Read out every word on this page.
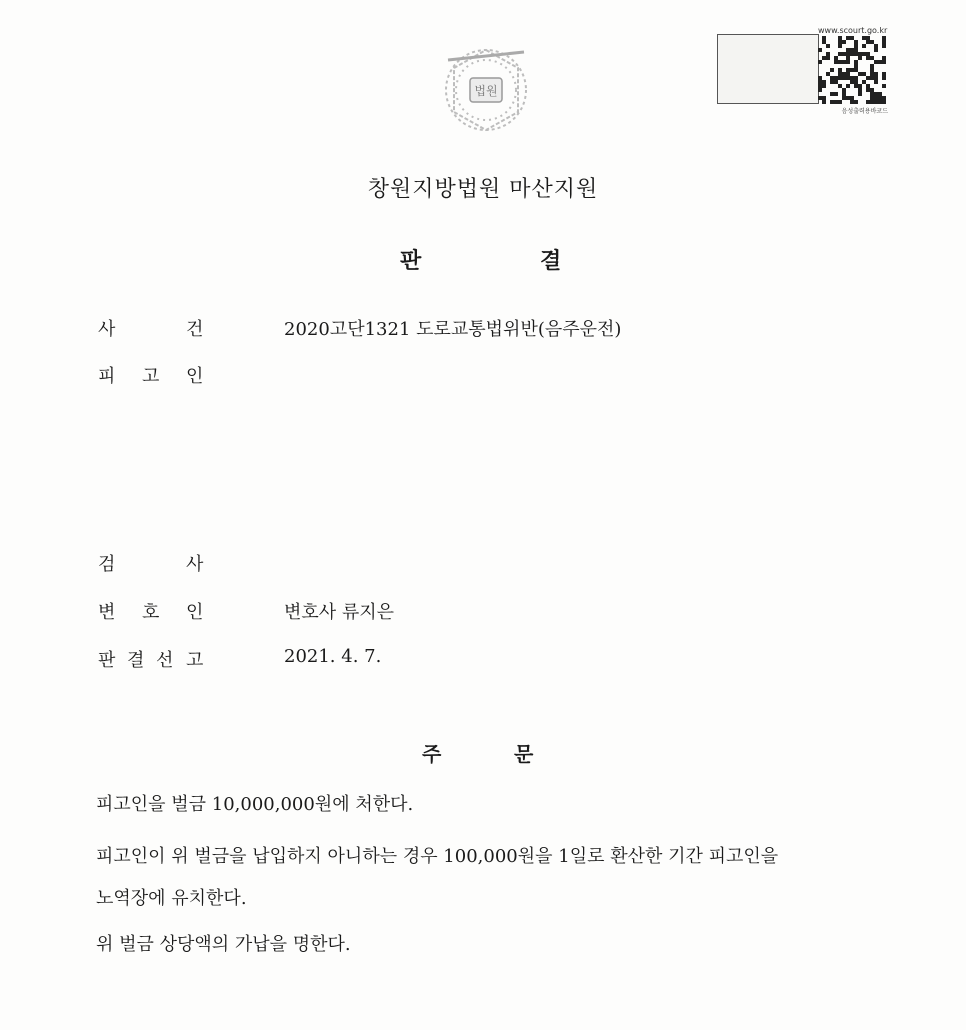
법원
www.scourt.go.kr
음성출력용바코드
창원지방법원 마산지원
판	결
사	건	2020고단1321 도로교통법위반(음주운전)
피 고 인
검	사
변 호 인	변호사 류지은
판 결 선 고	2021. 4. 7.
주	문
피고인을 벌금 10,000,000원에 처한다.
피고인이 위 벌금을 납입하지 아니하는 경우 100,000원을 1일로 환산한 기간 피고인을
노역장에 유치한다.
위 벌금 상당액의 가납을 명한다.
